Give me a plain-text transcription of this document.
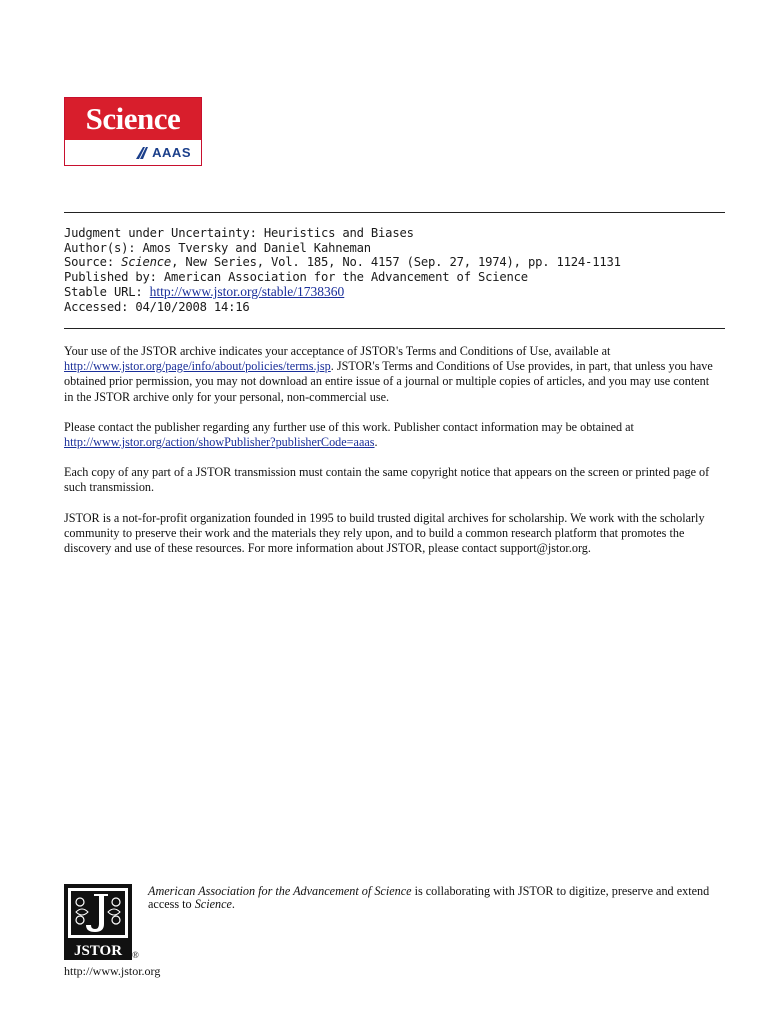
Science
AAAS
Judgment under Uncertainty: Heuristics and Biases
Author(s): Amos Tversky and Daniel Kahneman
Source: Science, New Series, Vol. 185, No. 4157 (Sep. 27, 1974), pp. 1124-1131
Published by: American Association for the Advancement of Science
Stable URL: http://www.jstor.org/stable/1738360
Accessed: 04/10/2008 14:16

Your use of the JSTOR archive indicates your acceptance of JSTOR's Terms and Conditions of Use, available at http://www.jstor.org/page/info/about/policies/terms.jsp. JSTOR's Terms and Conditions of Use provides, in part, that unless you have obtained prior permission, you may not download an entire issue of a journal or multiple copies of articles, and you may use content in the JSTOR archive only for your personal, non-commercial use.

Please contact the publisher regarding any further use of this work. Publisher contact information may be obtained at http://www.jstor.org/action/showPublisher?publisherCode=aaas.

Each copy of any part of a JSTOR transmission must contain the same copyright notice that appears on the screen or printed page of such transmission.

JSTOR is a not-for-profit organization founded in 1995 to build trusted digital archives for scholarship. We work with the scholarly community to preserve their work and the materials they rely upon, and to build a common research platform that promotes the discovery and use of these resources. For more information about JSTOR, please contact support@jstor.org.

JSTOR ®
http://www.jstor.org
American Association for the Advancement of Science is collaborating with JSTOR to digitize, preserve and extend access to Science.
